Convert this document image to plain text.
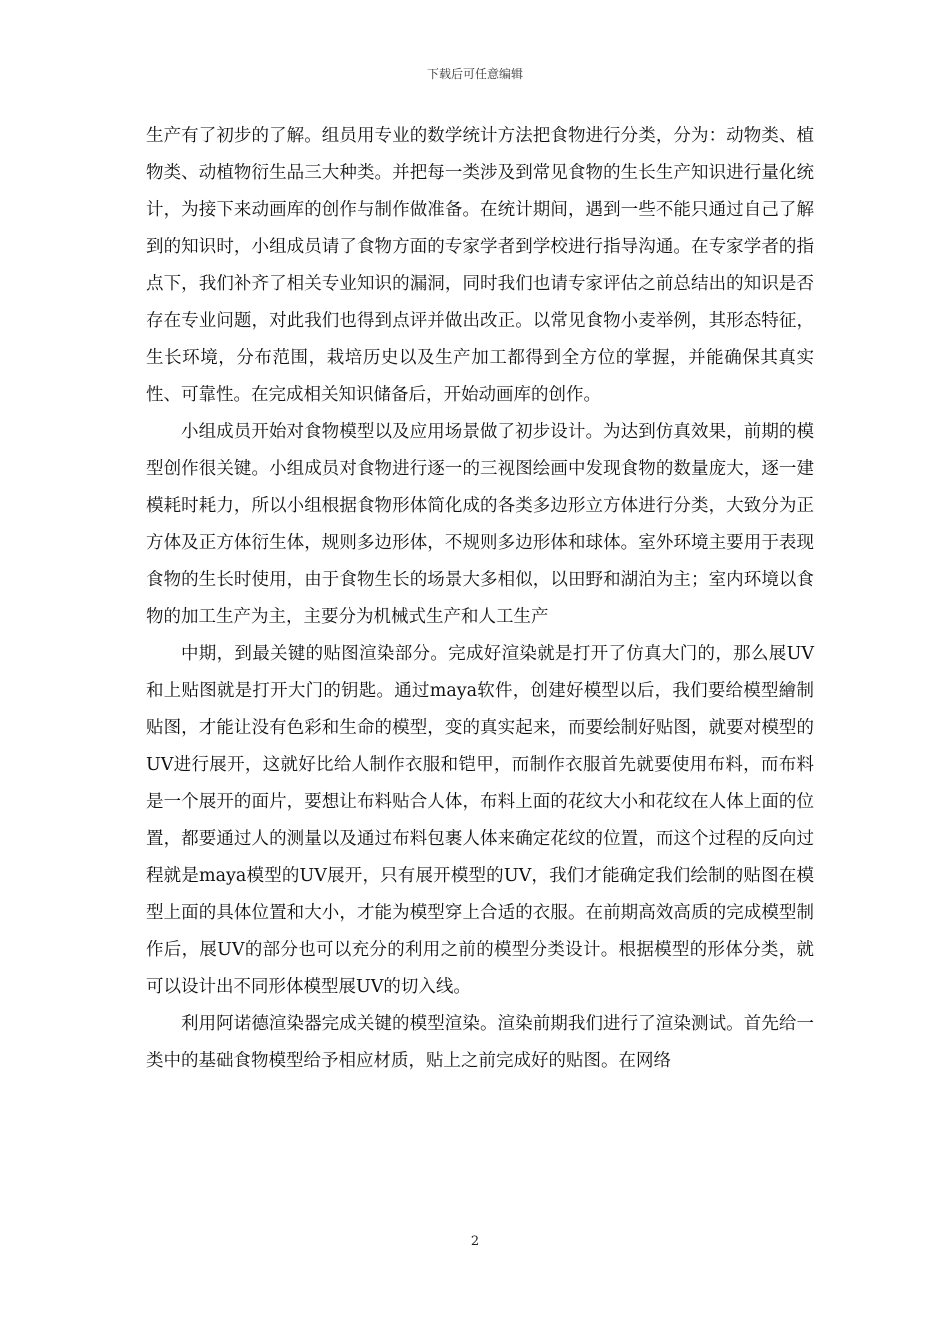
下载后可任意编辑

生产有了初步的了解。组员用专业的数学统计方法把食物进行分类，分为：动物类、植物类、动植物衍生品三大种类。并把每一类涉及到常见食物的生长生产知识进行量化统计，为接下来动画库的创作与制作做准备。在统计期间，遇到一些不能只通过自己了解到的知识时，小组成员请了食物方面的专家学者到学校进行指导沟通。在专家学者的指点下，我们补齐了相关专业知识的漏洞，同时我们也请专家评估之前总结出的知识是否存在专业问题，对此我们也得到点评并做出改正。以常见食物小麦举例，其形态特征，生长环境，分布范围，栽培历史以及生产加工都得到全方位的掌握，并能确保其真实性、可靠性。在完成相关知识储备后，开始动画库的创作。

小组成员开始对食物模型以及应用场景做了初步设计。为达到仿真效果，前期的模型创作很关键。小组成员对食物进行逐一的三视图绘画中发现食物的数量庞大，逐一建模耗时耗力，所以小组根据食物形体简化成的各类多边形立方体进行分类，大致分为正方体及正方体衍生体，规则多边形体，不规则多边形体和球体。室外环境主要用于表现食物的生长时使用，由于食物生长的场景大多相似，以田野和湖泊为主；室内环境以食物的加工生产为主，主要分为机械式生产和人工生产

中期，到最关键的贴图渲染部分。完成好渲染就是打开了仿真大门的，那么展UV和上贴图就是打开大门的钥匙。通过maya软件，创建好模型以后，我们要给模型繪制贴图，才能让没有色彩和生命的模型，变的真实起来，而要绘制好贴图，就要对模型的UV进行展开，这就好比给人制作衣服和铠甲，而制作衣服首先就要使用布料，而布料是一个展开的面片，要想让布料贴合人体，布料上面的花纹大小和花纹在人体上面的位置，都要通过人的测量以及通过布料包裹人体来确定花纹的位置，而这个过程的反向过程就是maya模型的UV展开，只有展开模型的UV，我们才能确定我们绘制的贴图在模型上面的具体位置和大小，才能为模型穿上合适的衣服。在前期高效高质的完成模型制作后，展UV的部分也可以充分的利用之前的模型分类设计。根据模型的形体分类，就可以设计出不同形体模型展UV的切入线。

利用阿诺德渲染器完成关键的模型渲染。渲染前期我们进行了渲染测试。首先给一类中的基础食物模型给予相应材质，贴上之前完成好的贴图。在网络

2
